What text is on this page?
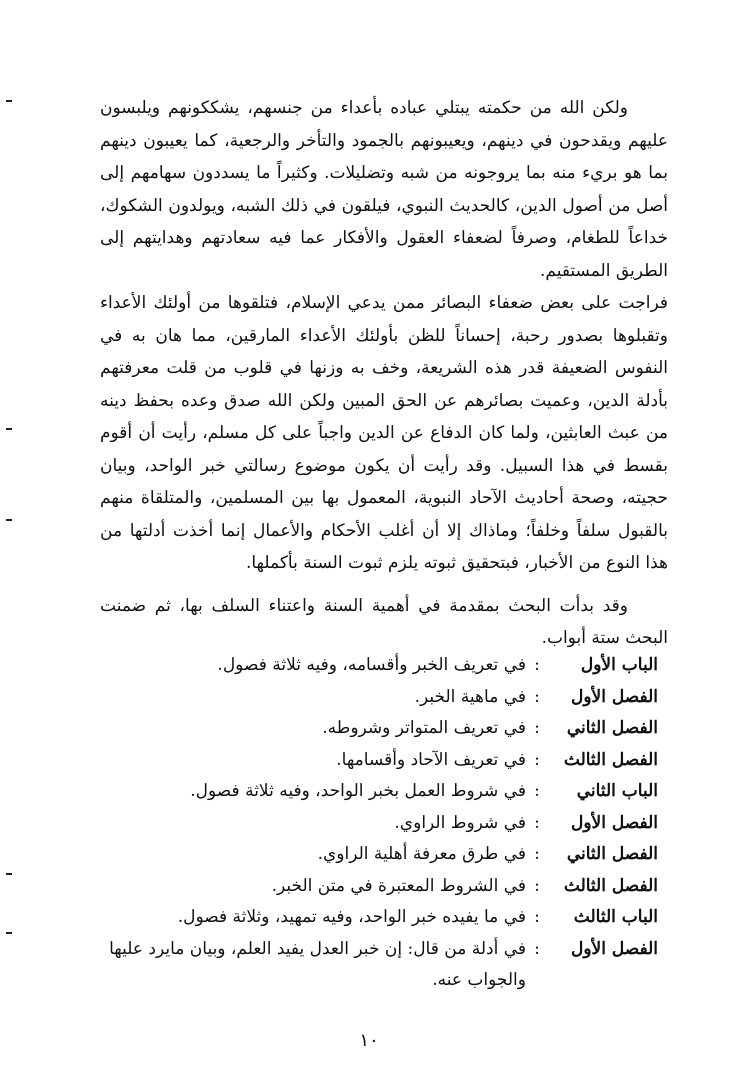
ولكن الله من حكمته يبتلي عباده بأعداء من جنسهم، يشككونهم ويلبسون عليهم ويقدحون في دينهم، ويعيبونهم بالجمود والتأخر والرجعية، كما يعيبون دينهم بما هو بريء منه بما يروجونه من شبه وتضليلات. وكثيراً ما يسددون سهامهم إلى أصل من أصول الدين، كالحديث النبوي، فيلقون في ذلك الشبه، ويولدون الشكوك، خداعاً للطغام، وصرفاً لضعفاء العقول والأفكار عما فيه سعادتهم وهدايتهم إلى الطريق المستقيم.

فراجت على بعض ضعفاء البصائر ممن يدعي الإسلام، فتلقوها من أولئك الأعداء وتقبلوها بصدور رحبة، إحساناً للظن بأولئك الأعداء المارقين، مما هان به في النفوس الضعيفة قدر هذه الشريعة، وخف به وزنها في قلوب من قلت معرفتهم بأدلة الدين، وعميت بصائرهم عن الحق المبين ولكن الله صدق وعده بحفظ دينه من عبث العابثين، ولما كان الدفاع عن الدين واجباً على كل مسلم، رأيت أن أقوم بقسط في هذا السبيل. وقد رأيت أن يكون موضوع رسالتي خبر الواحد، وبيان حجيته، وصحة أحاديث الآحاد النبوية، المعمول بها بين المسلمين، والمتلقاة منهم بالقبول سلفاً وخلفاً؛ وماذاك إلا أن أغلب الأحكام والأعمال إنما أخذت أدلتها من هذا النوع من الأخبار، فبتحقيق ثبوته يلزم ثبوت السنة بأكملها.

وقد بدأت البحث بمقدمة في أهمية السنة واعتناء السلف بها، ثم ضمنت البحث ستة أبواب.

الباب الأول
:
في تعريف الخبر وأقسامه، وفيه ثلاثة فصول.
الفصل الأول
:
في ماهية الخبر.
الفصل الثاني
:
في تعريف المتواتر وشروطه.
الفصل الثالث
:
في تعريف الآحاد وأقسامها.
الباب الثاني
:
في شروط العمل بخبر الواحد، وفيه ثلاثة فصول.
الفصل الأول
:
في شروط الراوي.
الفصل الثاني
:
في طرق معرفة أهلية الراوي.
الفصل الثالث
:
في الشروط المعتبرة في متن الخبر.
الباب الثالث
:
في ما يفيده خبر الواحد، وفيه تمهيد، وثلاثة فصول.
الفصل الأول
:
في أدلة من قال: إن خبر العدل يفيد العلم، وبيان مايرد عليها والجواب عنه.
١٠
